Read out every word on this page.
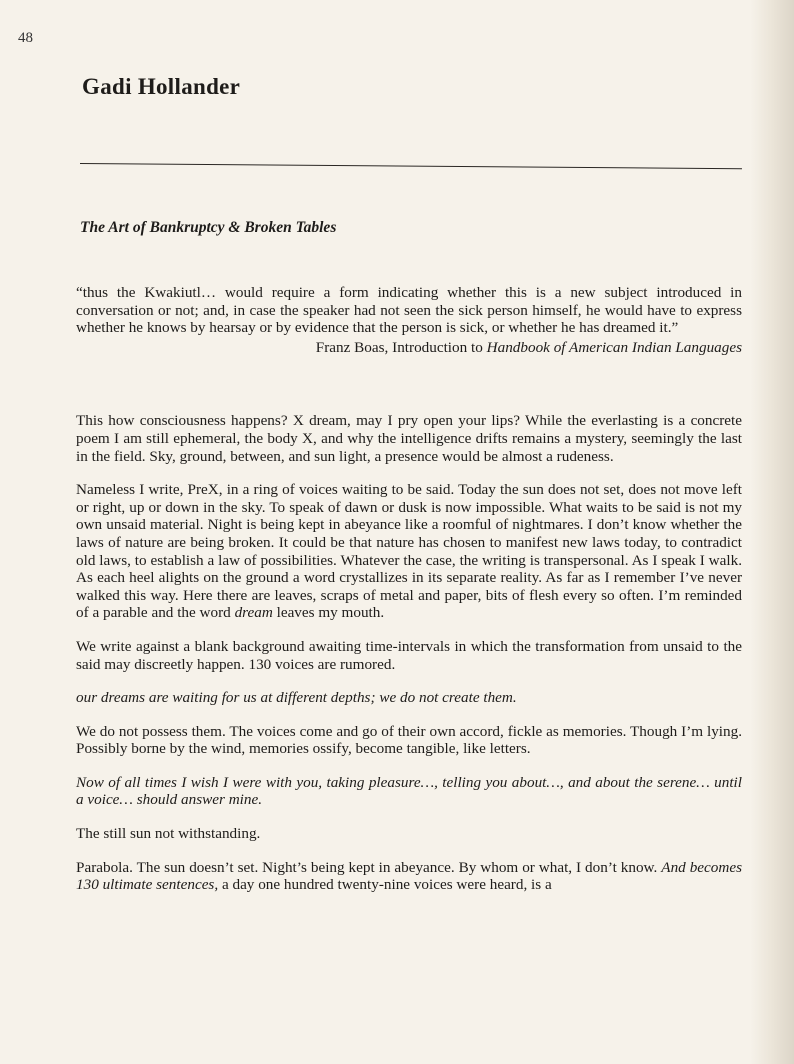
48
Gadi Hollander
The Art of Bankruptcy & Broken Tables

“thus the Kwakiutl… would require a form indicating whether this is a new subject introduced in conversation or not; and, in case the speaker had not seen the sick person himself, he would have to express whether he knows by hearsay or by evidence that the person is sick, or whether he has dreamed it.”

Franz Boas, Introduction to Handbook of American Indian Languages

This how consciousness happens? X dream, may I pry open your lips? While the everlasting is a concrete poem I am still ephemeral, the body X, and why the intelligence drifts remains a mystery, seemingly the last in the field. Sky, ground, between, and sun light, a presence would be almost a rudeness.

Nameless I write, PreX, in a ring of voices waiting to be said. Today the sun does not set, does not move left or right, up or down in the sky. To speak of dawn or dusk is now impossible. What waits to be said is not my own unsaid material. Night is being kept in abeyance like a roomful of nightmares. I don’t know whether the laws of nature are being broken. It could be that nature has chosen to manifest new laws today, to contradict old laws, to establish a law of possibilities. Whatever the case, the writing is transpersonal. As I speak I walk. As each heel alights on the ground a word crystallizes in its separate reality. As far as I remember I’ve never walked this way. Here there are leaves, scraps of metal and paper, bits of flesh every so often. I’m reminded of a parable and the word dream leaves my mouth.

We write against a blank background awaiting time-intervals in which the transformation from unsaid to the said may discreetly happen. 130 voices are rumored.

our dreams are waiting for us at different depths; we do not create them.

We do not possess them. The voices come and go of their own accord, fickle as memories. Though I’m lying. Possibly borne by the wind, memories ossify, become tangible, like letters.

Now of all times I wish I were with you, taking pleasure…, telling you about…, and about the serene… until a voice… should answer mine.

The still sun not withstanding.

Parabola. The sun doesn’t set. Night’s being kept in abeyance. By whom or what, I don’t know. And becomes 130 ultimate sentences, a day one hundred twenty-nine voices were heard, is a
